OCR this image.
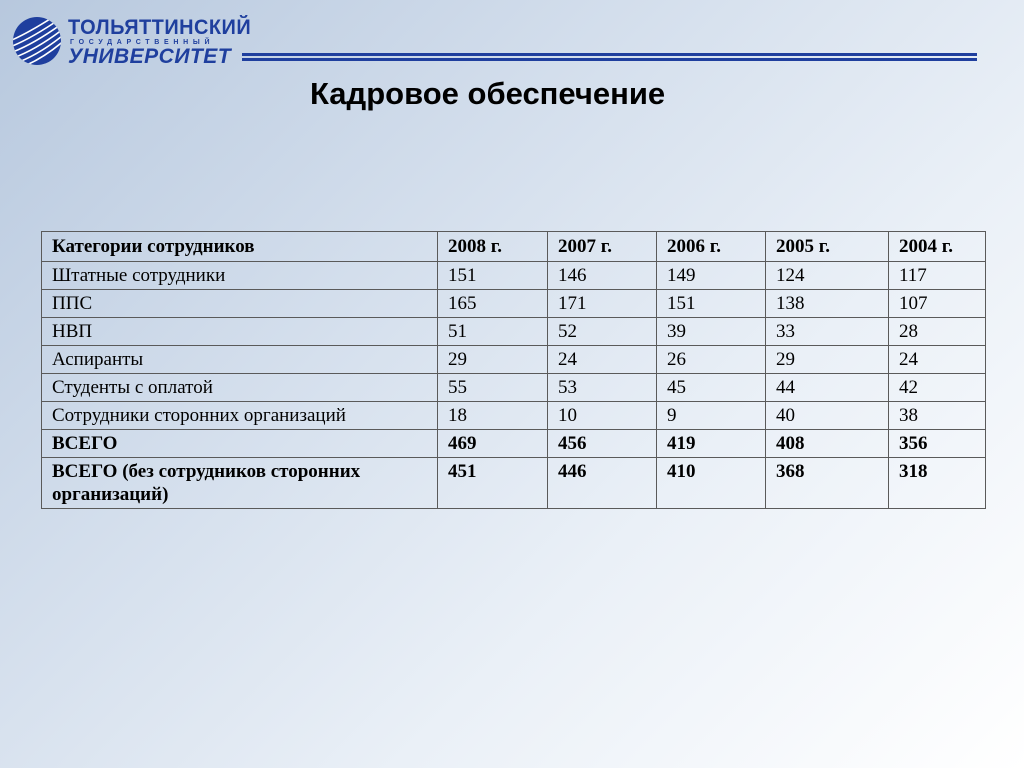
ТОЛЬЯТТИНСКИЙ
ГОСУДАРСТВЕННЫЙ
УНИВЕРСИТЕТ
Кадровое обеспечение
Категории сотрудников	2008 г.	2007 г.	2006 г.	2005 г.	2004 г.
Штатные сотрудники	151	146	149	124	117
ППС	165	171	151	138	107
НВП	51	52	39	33	28
Аспиранты	29	24	26	29	24
Студенты с оплатой	55	53	45	44	42
Сотрудники сторонних организаций	18	10	9	40	38
ВСЕГО	469	456	419	408	356
ВСЕГО (без сотрудников сторонних организаций)	451	446	410	368	318
